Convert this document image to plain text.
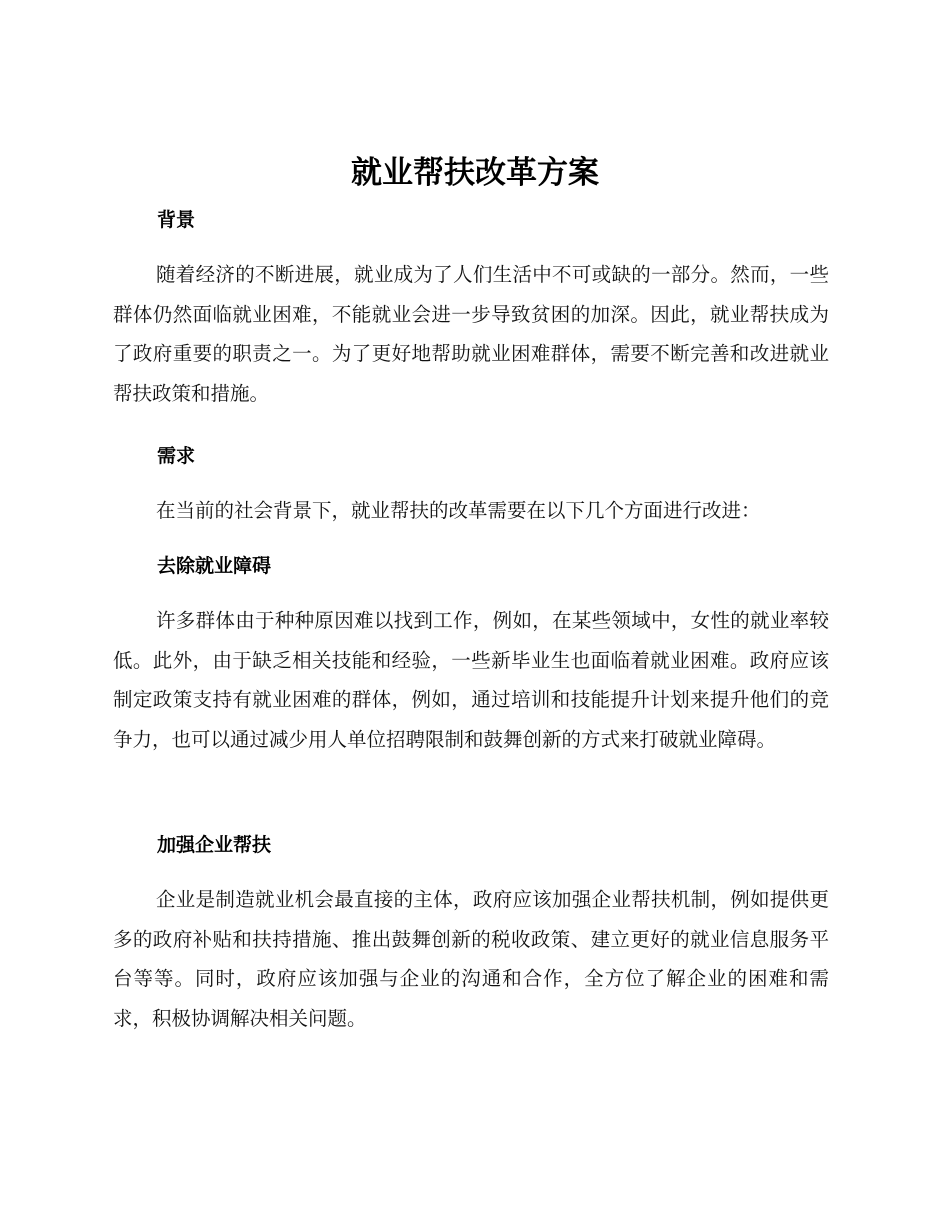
就业帮扶改革方案
背景

随着经济的不断进展，就业成为了人们生活中不可或缺的一部分。然而，一些群体仍然面临就业困难，不能就业会进一步导致贫困的加深。因此，就业帮扶成为了政府重要的职责之一。为了更好地帮助就业困难群体，需要不断完善和改进就业帮扶政策和措施。

需求

在当前的社会背景下，就业帮扶的改革需要在以下几个方面进行改进：

去除就业障碍

许多群体由于种种原因难以找到工作，例如，在某些领域中，女性的就业率较低。此外，由于缺乏相关技能和经验，一些新毕业生也面临着就业困难。政府应该制定政策支持有就业困难的群体，例如，通过培训和技能提升计划来提升他们的竞争力，也可以通过减少用人单位招聘限制和鼓舞创新的方式来打破就业障碍。

加强企业帮扶

企业是制造就业机会最直接的主体，政府应该加强企业帮扶机制，例如提供更多的政府补贴和扶持措施、推出鼓舞创新的税收政策、建立更好的就业信息服务平台等等。同时，政府应该加强与企业的沟通和合作，全方位了解企业的困难和需求，积极协调解决相关问题。
